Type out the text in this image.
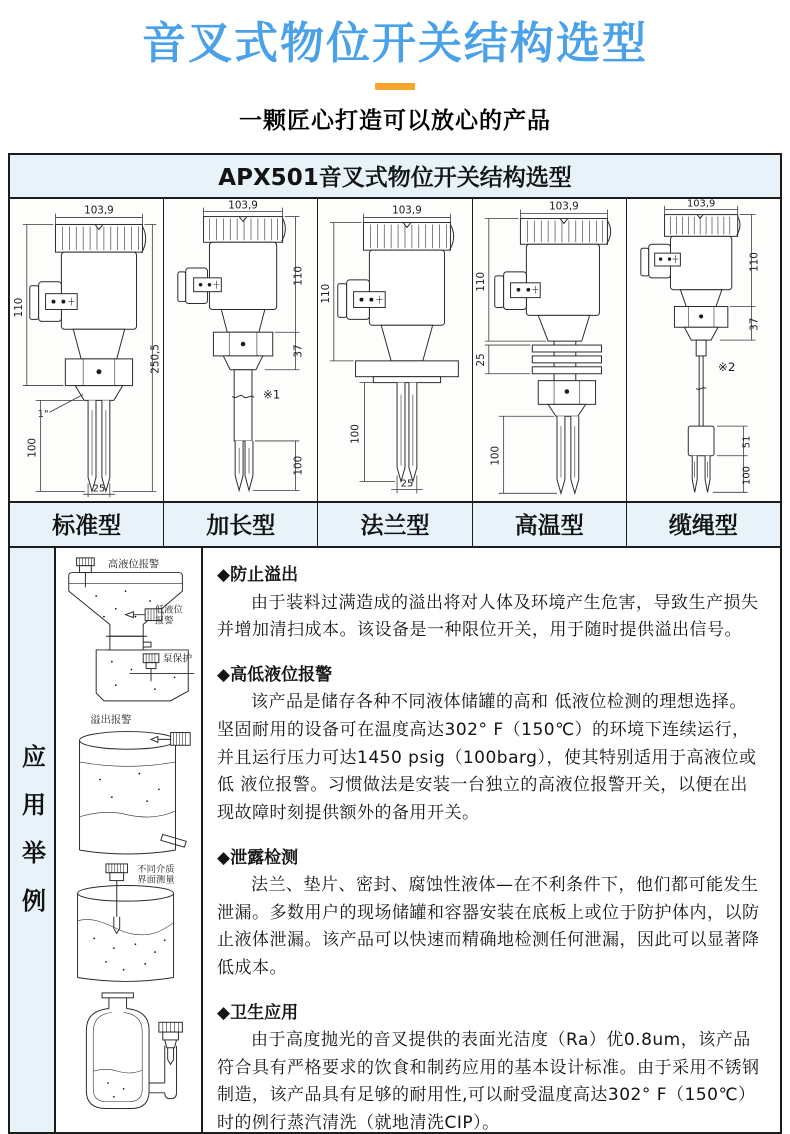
音叉式物位开关结构选型
一颗匠心打造可以放心的产品
APX501音叉式物位开关结构选型
103,9
110
250,5
1"
100
25
103,9
110
37
※1
100
103,9
110
100
25
103,9
110
25
100
103,9
110
37
※2
51
100
标准型	加长型	法兰型	高温型	缆绳型
应用举例
高液位报警
低液位
报警
泵保护
溢出报警
不同介质
界面测量
◆防止溢出
由于装料过满造成的溢出将对人体及环境产生危害，导致生产损失并增加清扫成本。该设备是一种限位开关，用于随时提供溢出信号。
◆高低液位报警
该产品是储存各种不同液体储罐的高和 低液位检测的理想选择。坚固耐用的设备可在温度高达302° F（150℃）的环境下连续运行，并且运行压力可达1450 psig（100barg），使其特别适用于高液位或低 液位报警。习惯做法是安装一台独立的高液位报警开关，以便在出现故障时刻提供额外的备用开关。
◆泄露检测
法兰、垫片、密封、腐蚀性液体—在不利条件下，他们都可能发生泄漏。多数用户的现场储罐和容器安装在底板上或位于防护体内，以防止液体泄漏。该产品可以快速而精确地检测任何泄漏，因此可以显著降低成本。
◆卫生应用
由于高度抛光的音叉提供的表面光洁度（Ra）优0.8um，该产品符合具有严格要求的饮食和制药应用的基本设计标准。由于采用不锈钢制造，该产品具有足够的耐用性,可以耐受温度高达302° F（150℃）时的例行蒸汽清洗（就地清洗CIP）。
